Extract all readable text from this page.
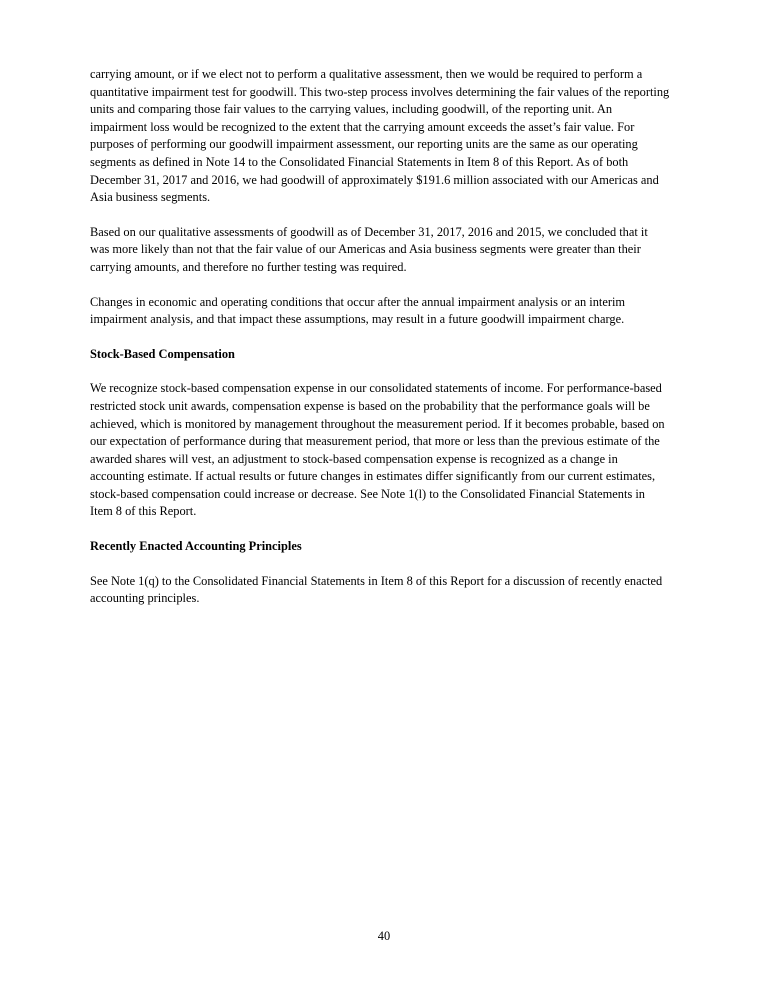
carrying amount, or if we elect not to perform a qualitative assessment, then we would be required to perform a
quantitative impairment test for goodwill. This two-step process involves determining the fair values of the reporting
units and comparing those fair values to the carrying values, including goodwill, of the reporting unit. An
impairment loss would be recognized to the extent that the carrying amount exceeds the asset’s fair value. For
purposes of performing our goodwill impairment assessment, our reporting units are the same as our operating
segments as defined in Note 14 to the Consolidated Financial Statements in Item 8 of this Report. As of both
December 31, 2017 and 2016, we had goodwill of approximately $191.6 million associated with our Americas and
Asia business segments.

Based on our qualitative assessments of goodwill as of December 31, 2017, 2016 and 2015, we concluded that it
was more likely than not that the fair value of our Americas and Asia business segments were greater than their
carrying amounts, and therefore no further testing was required.

Changes in economic and operating conditions that occur after the annual impairment analysis or an interim
impairment analysis, and that impact these assumptions, may result in a future goodwill impairment charge.

Stock-Based Compensation

We recognize stock-based compensation expense in our consolidated statements of income. For performance-based
restricted stock unit awards, compensation expense is based on the probability that the performance goals will be
achieved, which is monitored by management throughout the measurement period. If it becomes probable, based on
our expectation of performance during that measurement period, that more or less than the previous estimate of the
awarded shares will vest, an adjustment to stock-based compensation expense is recognized as a change in
accounting estimate. If actual results or future changes in estimates differ significantly from our current estimates,
stock-based compensation could increase or decrease. See Note 1(l) to the Consolidated Financial Statements in
Item 8 of this Report.

Recently Enacted Accounting Principles

See Note 1(q) to the Consolidated Financial Statements in Item 8 of this Report for a discussion of recently enacted
accounting principles.

40
